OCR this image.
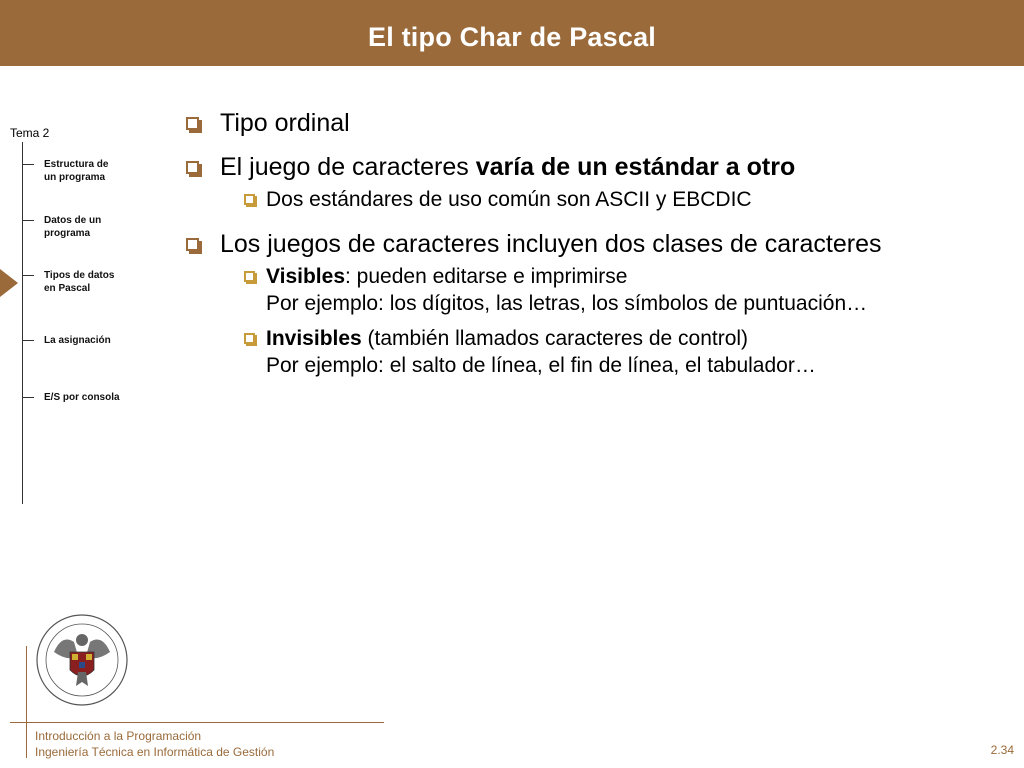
El tipo Char de Pascal
Tema 2
Estructura de
un programa
Datos de un
programa
Tipos de datos
en Pascal
La asignación
E/S por consola
Tipo ordinal
El juego de caracteres varía de un estándar a otro
Dos estándares de uso común son ASCII y EBCDIC
Los juegos de caracteres incluyen dos clases de caracteres
Visibles: pueden editarse e imprimirse
Por ejemplo: los dígitos, las letras, los símbolos de puntuación…
Invisibles (también llamados caracteres de control)
Por ejemplo: el salto de línea, el fin de línea, el tabulador…
Introducción a la Programación
Ingeniería Técnica en Informática de Gestión	2.34
